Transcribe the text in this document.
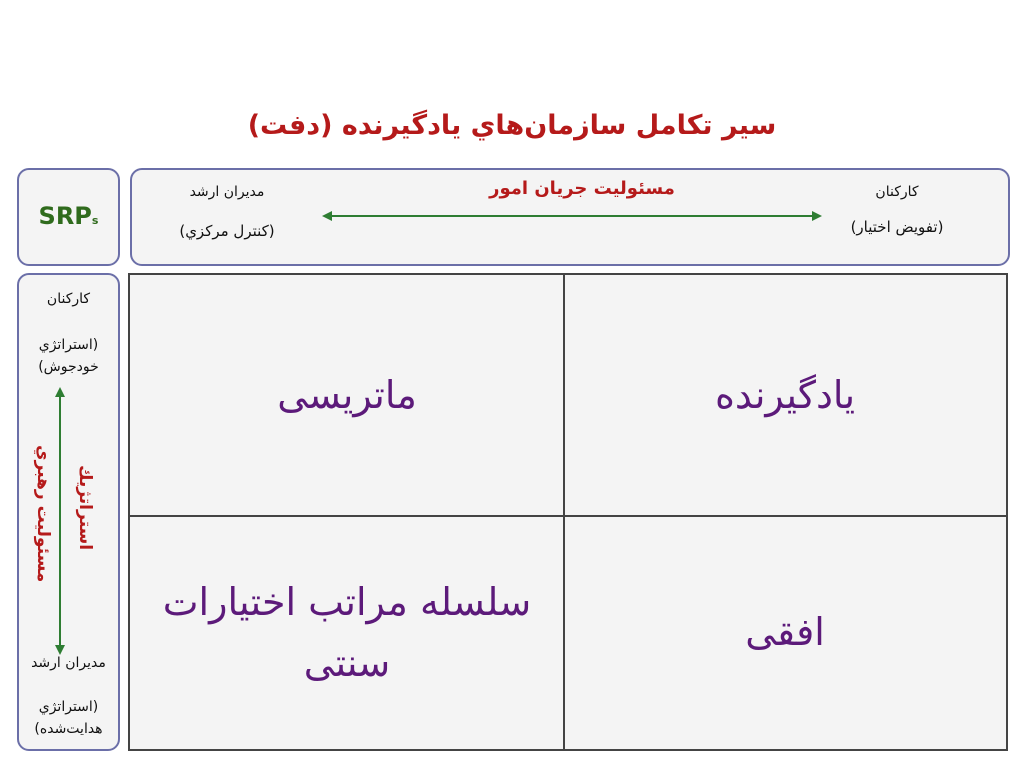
سير تكامل سازمان‌هاي يادگيرنده (دفت)
SRPs
مسئوليت جريان امور
مديران ارشد
(كنترل مركزي)
كاركنان
(تفويض اختيار)
كاركنان
(استراتژي
خودجوش)
مسئوليت رهبري استراتژيك
مديران ارشد
(استراتژي
هدايت‌شده)
ماتريسی	يادگيرنده
سلسله مراتب اختيارات
سنتی
افقی
